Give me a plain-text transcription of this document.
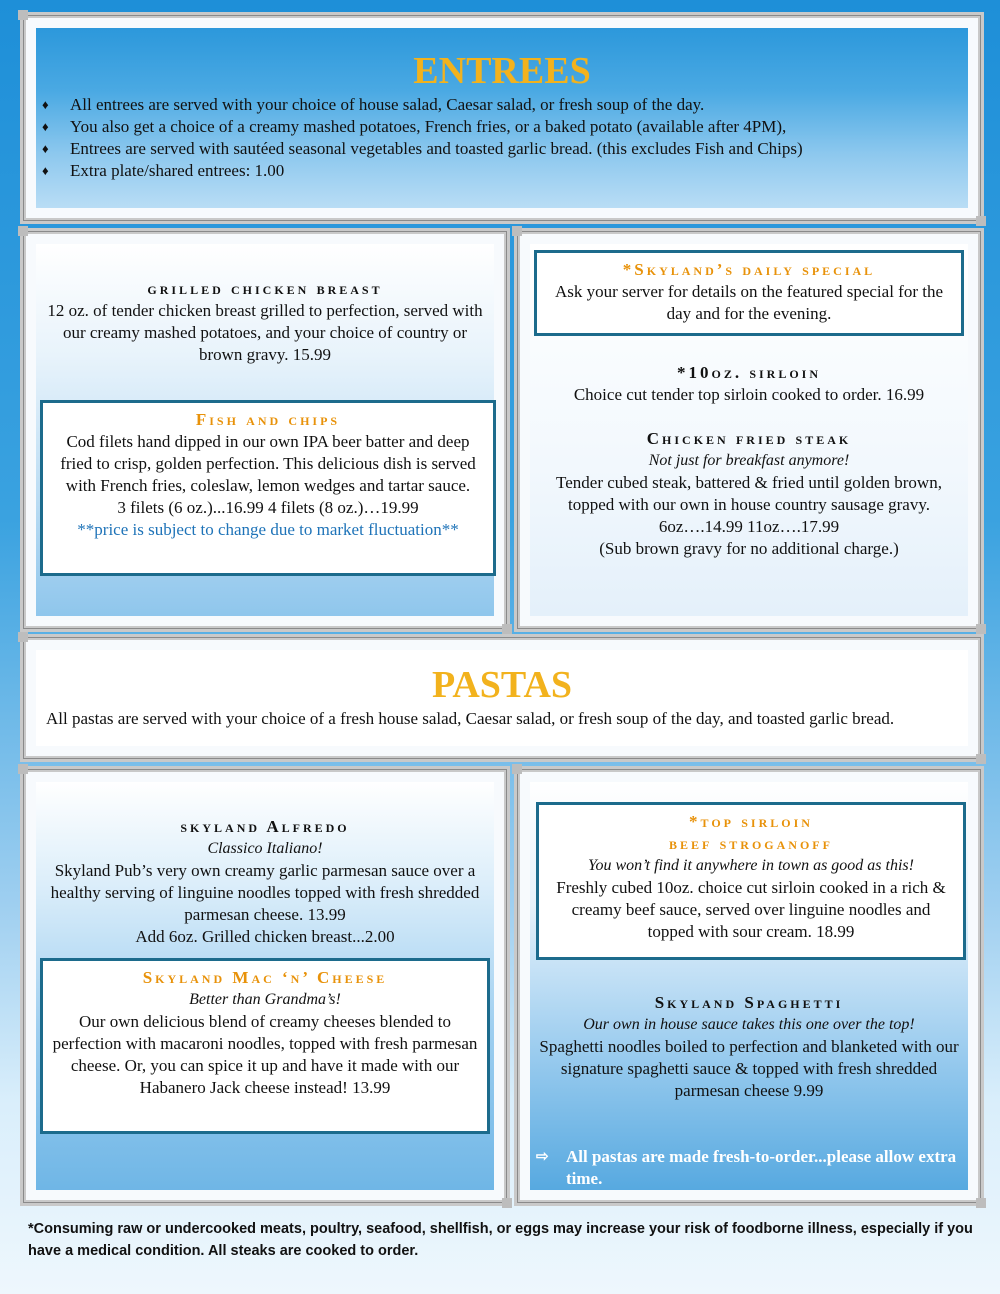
ENTREES
♦ All entrees are served with your choice of house salad, Caesar salad, or fresh soup of the day.
♦ You also get a choice of a creamy mashed potatoes, French fries, or a baked potato (available after 4PM),
♦ Entrees are served with sautéed seasonal vegetables and toasted garlic bread. (this excludes Fish and Chips)
♦ Extra plate/shared entrees: 1.00
grilled chicken breast
12 oz. of tender chicken breast grilled to perfection, served with our creamy mashed potatoes, and your choice of country or brown gravy. 15.99
Fish and chips
Cod filets hand dipped in our own IPA beer batter and deep fried to crisp, golden perfection. This delicious dish is served with French fries, coleslaw, lemon wedges and tartar sauce.
3 filets (6 oz.)...16.99 4 filets (8 oz.)…19.99
**price is subject to change due to market fluctuation**
*Skyland’s daily special
Ask your server for details on the featured special for the day and for the evening.
*10oz. sirloin
Choice cut tender top sirloin cooked to order. 16.99
Chicken fried steak
Not just for breakfast anymore!
Tender cubed steak, battered & fried until golden brown, topped with our own in house country sausage gravy. 6oz….14.99 11oz….17.99
(Sub brown gravy for no additional charge.)
PASTAS
All pastas are served with your choice of a fresh house salad, Caesar salad, or fresh soup of the day, and toasted garlic bread.
skyland Alfredo
Classico Italiano!
Skyland Pub’s very own creamy garlic parmesan sauce over a healthy serving of linguine noodles topped with fresh shredded parmesan cheese. 13.99
Add 6oz. Grilled chicken breast...2.00
Skyland Mac ‘n’ Cheese
Better than Grandma’s!
Our own delicious blend of creamy cheeses blended to perfection with macaroni noodles, topped with fresh parmesan cheese. Or, you can spice it up and have it made with our Habanero Jack cheese instead! 13.99
*top sirloin
beef stroganoff
You won’t find it anywhere in town as good as this!
Freshly cubed 10oz. choice cut sirloin cooked in a rich & creamy beef sauce, served over linguine noodles and topped with sour cream. 18.99
Skyland Spaghetti
Our own in house sauce takes this one over the top!
Spaghetti noodles boiled to perfection and blanketed with our signature spaghetti sauce & topped with fresh shredded parmesan cheese 9.99
⇨	All pastas are made fresh-to-order...please allow extra time.
*Consuming raw or undercooked meats, poultry, seafood, shellfish, or eggs may increase your risk of foodborne illness, especially if you have a medical condition. All steaks are cooked to order.
